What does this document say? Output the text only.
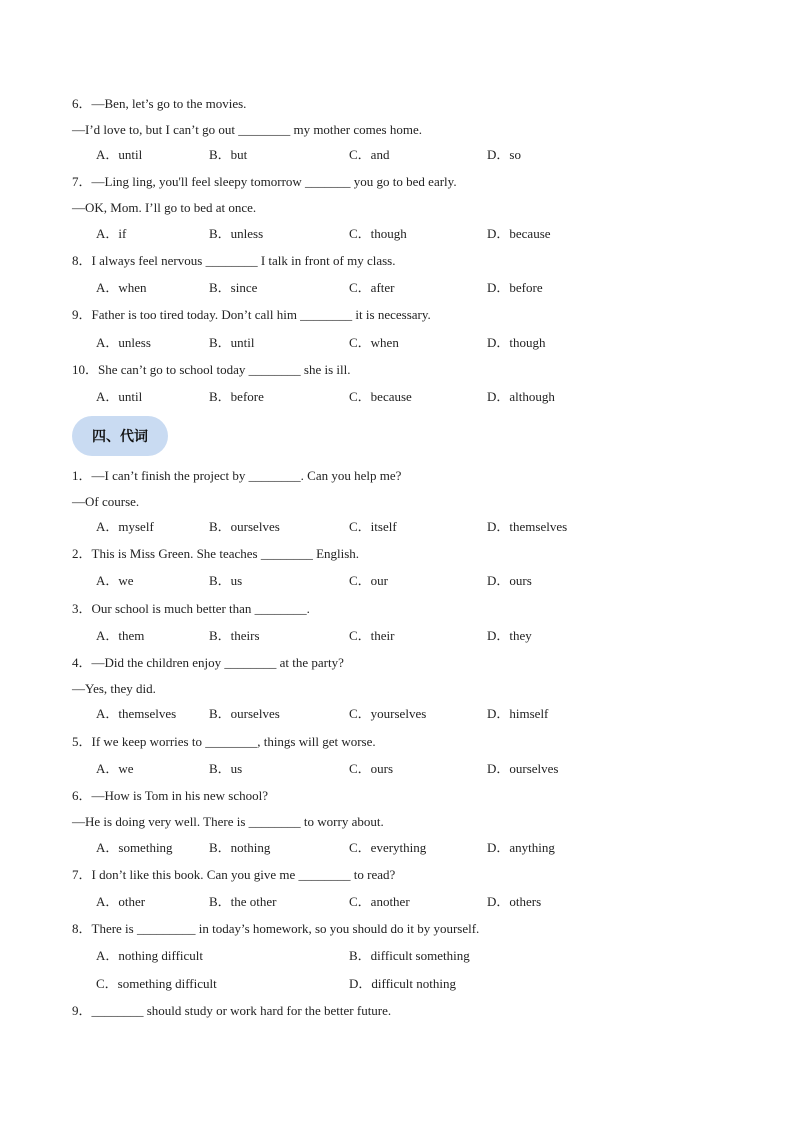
6．—Ben, let’s go to the movies.
—I’d love to, but I can’t go out ________ my mother comes home.
A．until	B．but	C．and	D．so
7．—Ling ling, you'll feel sleepy tomorrow _______ you go to bed early.
—OK, Mom. I’ll go to bed at once.
A．if	B．unless	C．though	D．because
8．I always feel nervous ________ I talk in front of my class.
A．when	B．since	C．after	D．before
9．Father is too tired today. Don’t call him ________ it is necessary.
A．unless	B．until	C．when	D．though
10．She can’t go to school today ________ she is ill.
A．until	B．before	C．because	D．although
四、代词
1．—I can’t finish the project by ________. Can you help me?
—Of course.
A．myself	B．ourselves	C．itself	D．themselves
2．This is Miss Green. She teaches ________ English.
A．we	B．us	C．our	D．ours
3．Our school is much better than ________.
A．them	B．theirs	C．their	D．they
4．—Did the children enjoy ________ at the party?
—Yes, they did.
A．themselves	B．ourselves	C．yourselves	D．himself
5．If we keep worries to ________, things will get worse.
A．we	B．us	C．ours	D．ourselves
6．—How is Tom in his new school?
—He is doing very well. There is ________ to worry about.
A．something	B．nothing	C．everything	D．anything
7．I don’t like this book. Can you give me ________ to read?
A．other	B．the other	C．another	D．others
8．There is _________ in today’s homework, so you should do it by yourself.
A．nothing difficult	B．difficult something
C．something difficult	D．difficult nothing
9．________ should study or work hard for the better future.
